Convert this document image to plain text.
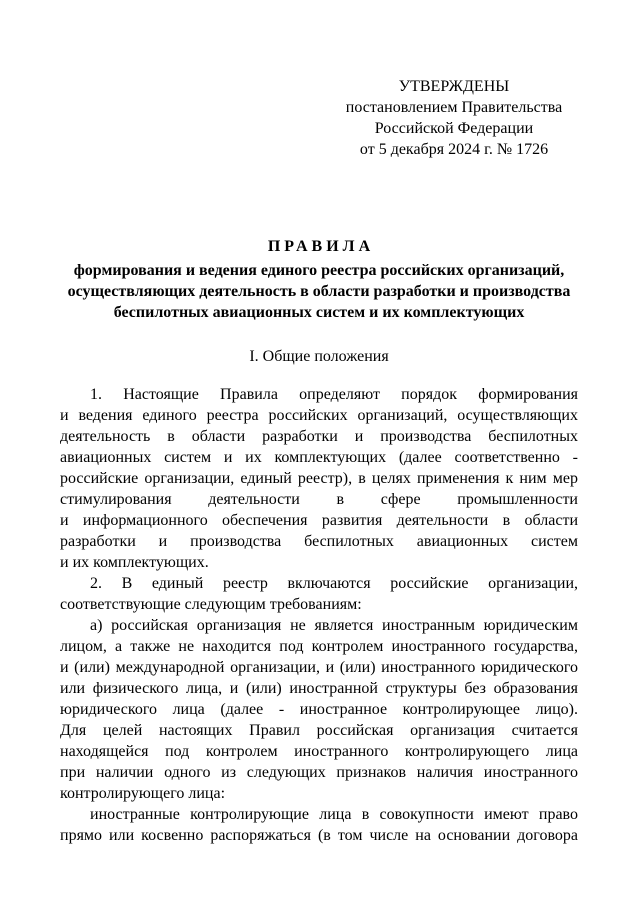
УТВЕРЖДЕНЫ
постановлением Правительства
Российской Федерации
от 5 декабря 2024 г. № 1726
ПРАВИЛА
формирования и ведения единого реестра российских организаций,
осуществляющих деятельность в области разработки и производства
беспилотных авиационных систем и их комплектующих
I. Общие положения
1. Настоящие Правила определяют порядок формирования
и ведения единого реестра российских организаций, осуществляющих
деятельность в области разработки и производства беспилотных
авиационных систем и их комплектующих (далее соответственно -
российские организации, единый реестр), в целях применения к ним мер
стимулирования деятельности в сфере промышленности
и информационного обеспечения развития деятельности в области
разработки и производства беспилотных авиационных систем
и их комплектующих.
2. В единый реестр включаются российские организации,
соответствующие следующим требованиям:
а) российская организация не является иностранным юридическим
лицом, а также не находится под контролем иностранного государства,
и (или) международной организации, и (или) иностранного юридического
или физического лица, и (или) иностранной структуры без образования
юридического лица (далее - иностранное контролирующее лицо).
Для целей настоящих Правил российская организация считается
находящейся под контролем иностранного контролирующего лица
при наличии одного из следующих признаков наличия иностранного
контролирующего лица:
иностранные контролирующие лица в совокупности имеют право
прямо или косвенно распоряжаться (в том числе на основании договора
